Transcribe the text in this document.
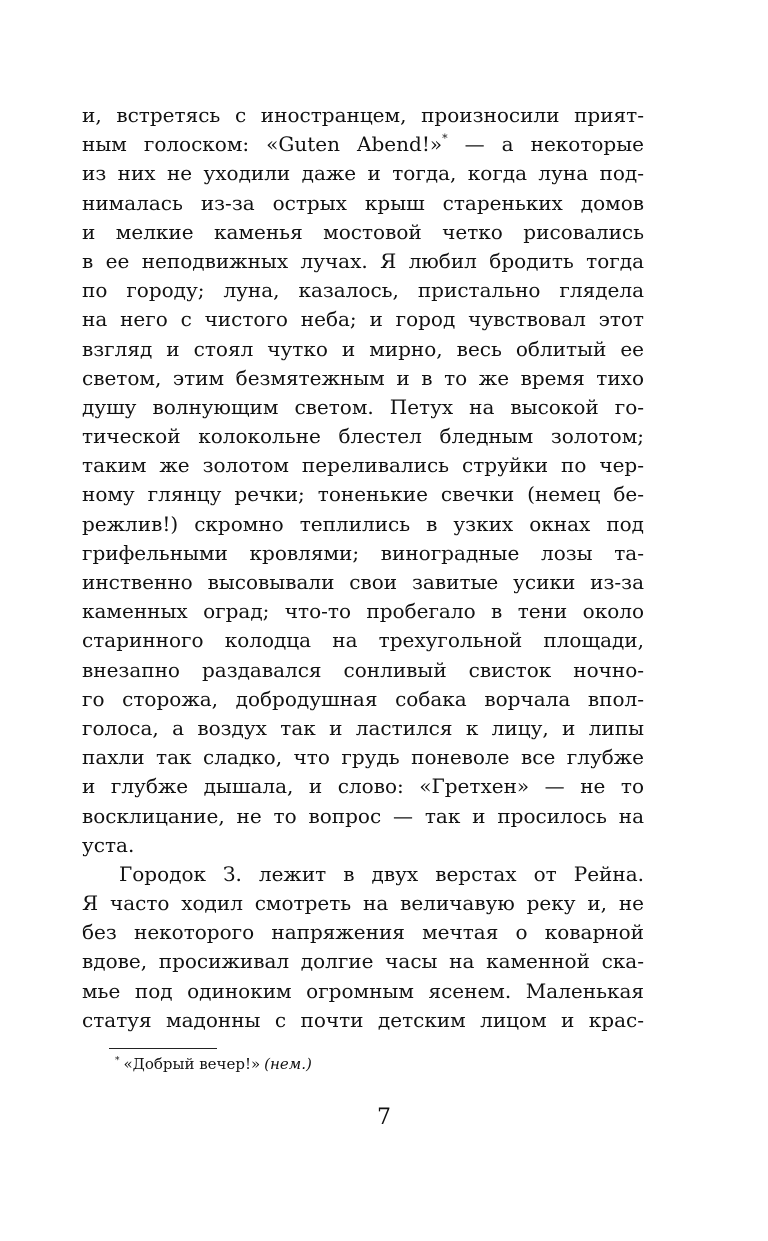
и, встретясь с иностранцем, произносили прият-
ным голоском: «Guten Abend!»* — а некоторые
из них не уходили даже и тогда, когда луна под-
нималась из-за острых крыш стареньких домов
и мелкие каменья мостовой четко рисовались
в ее неподвижных лучах. Я любил бродить тогда
по городу; луна, казалось, пристально глядела
на него с чистого неба; и город чувствовал этот
взгляд и стоял чутко и мирно, весь облитый ее
светом, этим безмятежным и в то же время тихо
душу волнующим светом. Петух на высокой го-
тической колокольне блестел бледным золотом;
таким же золотом переливались струйки по чер-
ному глянцу речки; тоненькие свечки (немец бе-
режлив!) скромно теплились в узких окнах под
грифельными кровлями; виноградные лозы та-
инственно высовывали свои завитые усики из-за
каменных оград; что-то пробегало в тени около
старинного колодца на трехугольной площади,
внезапно раздавался сонливый свисток ночно-
го сторожа, добродушная собака ворчала впол-
голоса, а воздух так и ластился к лицу, и липы
пахли так сладко, что грудь поневоле все глубже
и глубже дышала, и слово: «Гретхен» — не то
восклицание, не то вопрос — так и просилось на
уста.
Городок З. лежит в двух верстах от Рейна.
Я часто ходил смотреть на величавую реку и, не
без некоторого напряжения мечтая о коварной
вдове, просиживал долгие часы на каменной ска-
мье под одиноким огромным ясенем. Маленькая
статуя мадонны с почти детским лицом и крас-
* «Добрый вечер!» (нем.)
7
